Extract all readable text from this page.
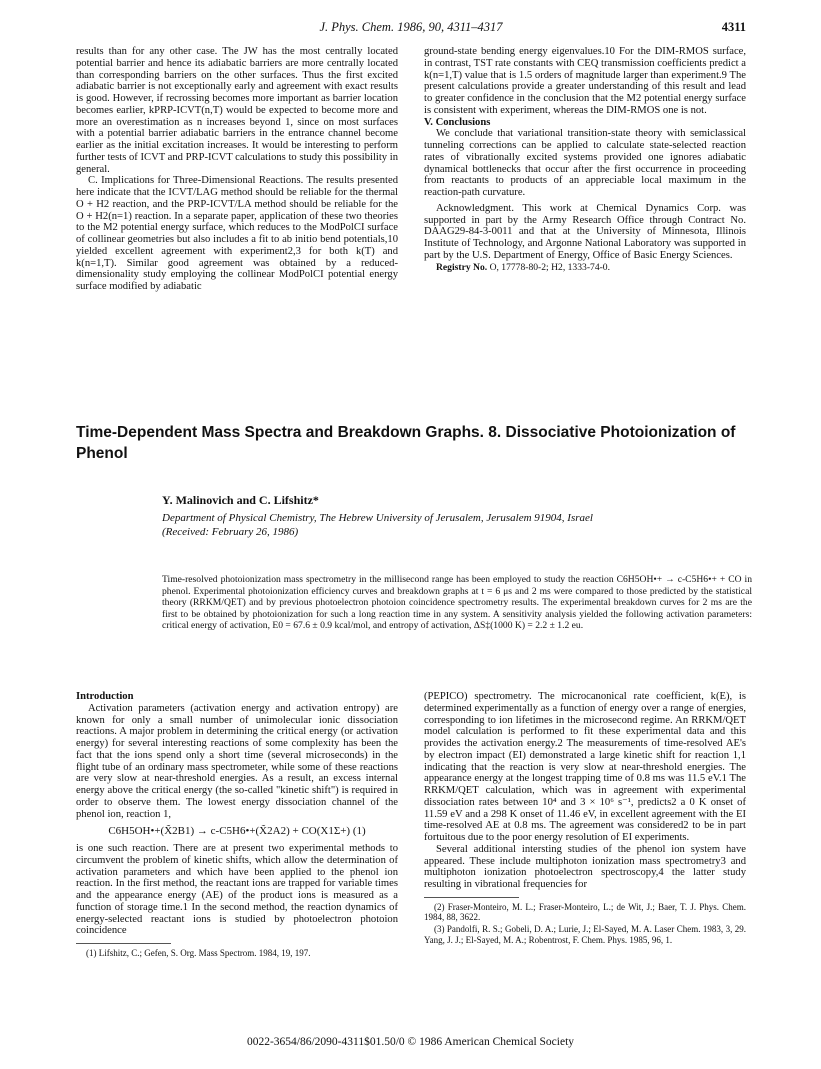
J. Phys. Chem. 1986, 90, 4311–4317	4311

results than for any other case. The JW has the most centrally located potential barrier and hence its adiabatic barriers are more centrally located than corresponding barriers on the other surfaces. Thus the first excited adiabatic barrier is not exceptionally early and agreement with exact results is good. However, if recrossing becomes more important as barrier location becomes earlier, kPRP-ICVT(n,T) would be expected to become more and more an overestimation as n increases beyond 1, since on most surfaces with a potential barrier adiabatic barriers in the entrance channel become earlier as the initial excitation increases. It would be interesting to perform further tests of ICVT and PRP-ICVT calculations to study this possibility in general.

C. Implications for Three-Dimensional Reactions. The results presented here indicate that the ICVT/LAG method should be reliable for the thermal O + H2 reaction, and the PRP-ICVT/LA method should be reliable for the O + H2(n=1) reaction. In a separate paper, application of these two theories to the M2 potential energy surface, which reduces to the ModPolCI surface of collinear geometries but also includes a fit to ab initio bend potentials,10 yielded excellent agreement with experiment2,3 for both k(T) and k(n=1,T). Similar good agreement was obtained by a reduced-dimensionality study employing the collinear ModPolCI potential energy surface modified by adiabatic

ground-state bending energy eigenvalues.10 For the DIM-RMOS surface, in contrast, TST rate constants with CEQ transmission coefficients predict a k(n=1,T) value that is 1.5 orders of magnitude larger than experiment.9 The present calculations provide a greater understanding of this result and lead to greater confidence in the conclusion that the M2 potential energy surface is consistent with experiment, whereas the DIM-RMOS one is not.

V. Conclusions

We conclude that variational transition-state theory with semiclassical tunneling corrections can be applied to calculate state-selected reaction rates of vibrationally excited systems provided one ignores adiabatic dynamical bottlenecks that occur after the first occurrence in proceeding from reactants to products of an appreciable local maximum in the reaction-path curvature.

Acknowledgment. This work at Chemical Dynamics Corp. was supported in part by the Army Research Office through Contract No. DAAG29-84-3-0011 and that at the University of Minnesota, Illinois Institute of Technology, and Argonne National Laboratory was supported in part by the U.S. Department of Energy, Office of Basic Energy Sciences.

Registry No. O, 17778-80-2; H2, 1333-74-0.

Time-Dependent Mass Spectra and Breakdown Graphs. 8. Dissociative Photoionization of Phenol
Y. Malinovich and C. Lifshitz*
Department of Physical Chemistry, The Hebrew University of Jerusalem, Jerusalem 91904, Israel
(Received: February 26, 1986)
Time-resolved photoionization mass spectrometry in the millisecond range has been employed to study the reaction C6H5OH•+ → c-C5H6•+ + CO in phenol. Experimental photoionization efficiency curves and breakdown graphs at t = 6 μs and 2 ms were compared to those predicted by the statistical theory (RRKM/QET) and by previous photoelectron photoion coincidence spectrometry results. The experimental breakdown curves for 2 ms are the first to be obtained by photoionization for such a long reaction time in any system. A sensitivity analysis yielded the following activation parameters: critical energy of activation, E0 = 67.6 ± 0.9 kcal/mol, and entropy of activation, ΔS‡(1000 K) = 2.2 ± 1.2 eu.

Introduction

Activation parameters (activation energy and activation entropy) are known for only a small number of unimolecular ionic dissociation reactions. A major problem in determining the critical energy (or activation energy) for several interesting reactions of some complexity has been the fact that the ions spend only a short time (several microseconds) in the flight tube of an ordinary mass spectrometer, while some of these reactions are very slow at near-threshold energies. As a result, an excess internal energy above the critical energy (the so-called "kinetic shift") is required in order to observe them. The lowest energy dissociation channel of the phenol ion, reaction 1,

C6H5OH•+(X̃2B1) → c-C5H6•+(X̃2A2) + CO(X1Σ+) (1)

is one such reaction. There are at present two experimental methods to circumvent the problem of kinetic shifts, which allow the determination of activation parameters and which have been applied to the phenol ion reaction. In the first method, the reactant ions are trapped for variable times and the appearance energy (AE) of the product ions is measured as a function of storage time.1 In the second method, the reaction dynamics of energy-selected reactant ions is studied by photoelectron photoion coincidence

(1) Lifshitz, C.; Gefen, S. Org. Mass Spectrom. 1984, 19, 197.

(PEPICO) spectrometry. The microcanonical rate coefficient, k(E), is determined experimentally as a function of energy over a range of energies, corresponding to ion lifetimes in the microsecond regime. An RRKM/QET model calculation is performed to fit these experimental data and this provides the activation energy.2 The measurements of time-resolved AE's by electron impact (EI) demonstrated a large kinetic shift for reaction 1,1 indicating that the reaction is very slow at near-threshold energies. The appearance energy at the longest trapping time of 0.8 ms was 11.5 eV.1 The RRKM/QET calculation, which was in agreement with experimental dissociation rates between 10⁴ and 3 × 10⁶ s⁻¹, predicts2 a 0 K onset of 11.59 eV and a 298 K onset of 11.46 eV, in excellent agreement with the EI time-resolved AE at 0.8 ms. The agreement was considered2 to be in part fortuitous due to the poor energy resolution of EI experiments.

Several additional intersting studies of the phenol ion system have appeared. These include multiphoton ionization mass spectrometry3 and multiphoton ionization photoelectron spectroscopy,4 the latter study resulting in vibrational frequencies for

(2) Fraser-Monteiro, M. L.; Fraser-Monteiro, L.; de Wit, J.; Baer, T. J. Phys. Chem. 1984, 88, 3622.

(3) Pandolfi, R. S.; Gobeli, D. A.; Lurie, J.; El-Sayed, M. A. Laser Chem. 1983, 3, 29. Yang, J. J.; El-Sayed, M. A.; Robentrost, F. Chem. Phys. 1985, 96, 1.

0022-3654/86/2090-4311$01.50/0 © 1986 American Chemical Society
